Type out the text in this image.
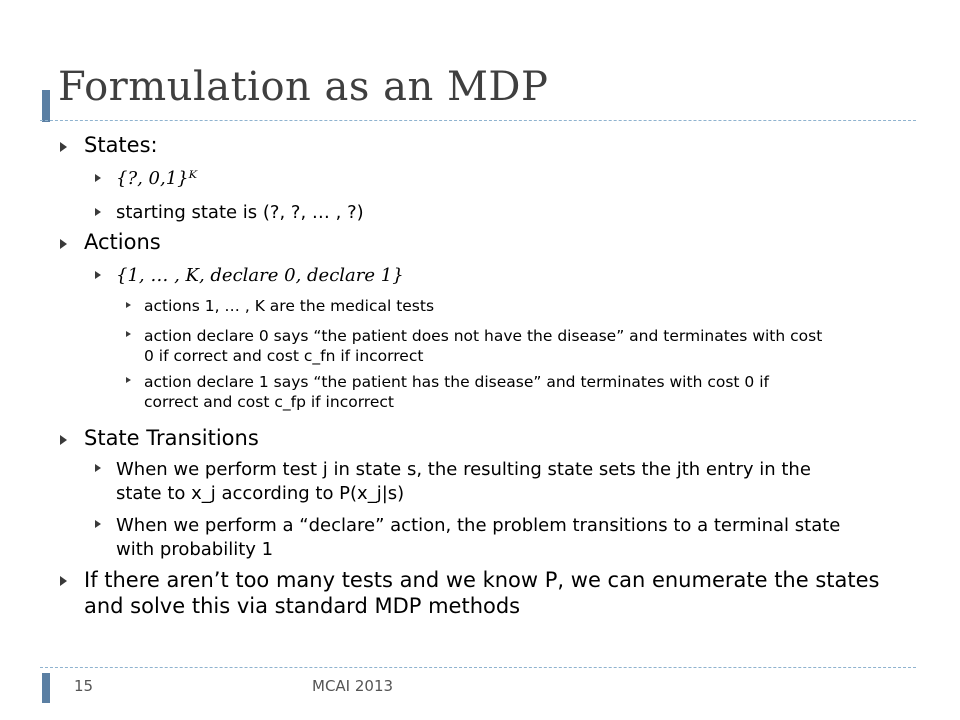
Formulation as an MDP
States:
{?, 0,1}ᴷ
starting state is (?, ?, … , ?)
Actions
{1, … , K, declare 0, declare 1}
actions 1, … , K are the medical tests
action declare 0 says “the patient does not have the disease” and terminates with cost
0 if correct and cost c_fn if incorrect
action declare 1 says “the patient has the disease” and terminates with cost 0 if
correct and cost c_fp if incorrect
State Transitions
When we perform test j in state s, the resulting state sets the jth entry in the
state to x_j according to P(x_j|s)
When we perform a “declare” action, the problem transitions to a terminal state
with probability 1
If there aren’t too many tests and we know P, we can enumerate the states
and solve this via standard MDP methods
15	MCAI 2013
